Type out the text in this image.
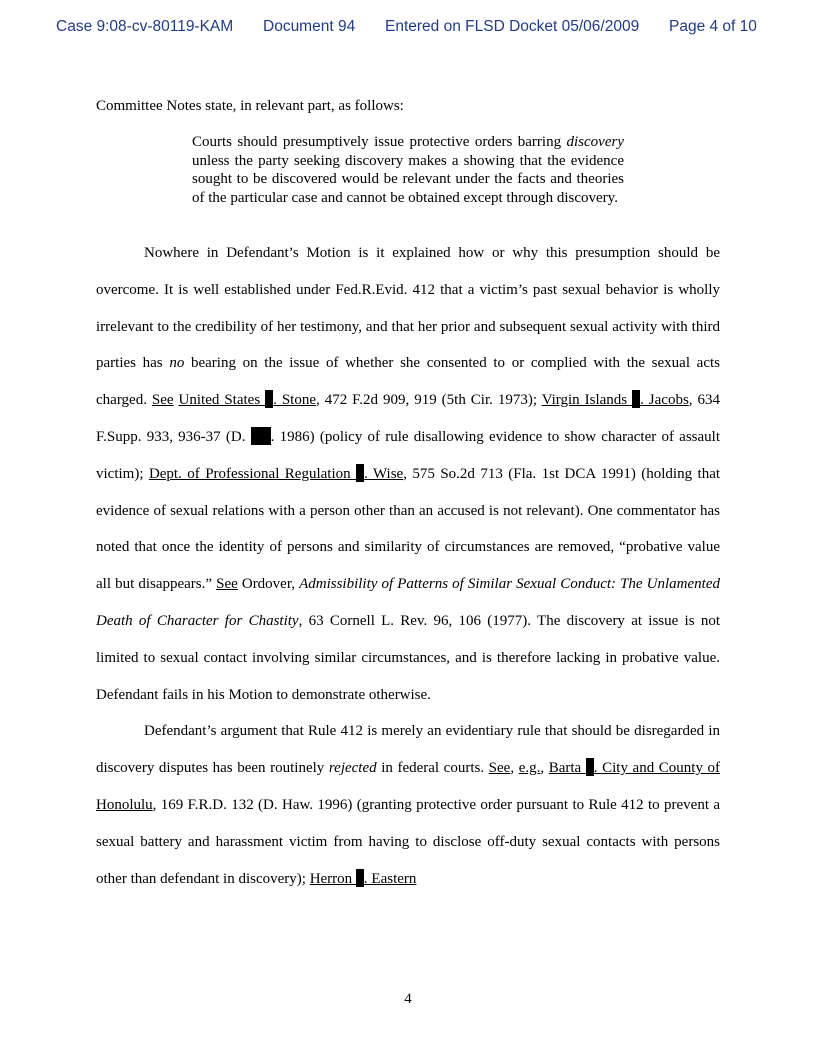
Case 9:08-cv-80119-KAM Document 94 Entered on FLSD Docket 05/06/2009 Page 4 of 10
Committee Notes state, in relevant part, as follows:

Courts should presumptively issue protective orders barring discovery unless the party seeking discovery makes a showing that the evidence sought to be discovered would be relevant under the facts and theories of the particular case and cannot be obtained except through discovery.

Nowhere in Defendant’s Motion is it explained how or why this presumption should be overcome. It is well established under Fed.R.Evid. 412 that a victim’s past sexual behavior is wholly irrelevant to the credibility of her testimony, and that her prior and subsequent sexual activity with third parties has no bearing on the issue of whether she consented to or complied with the sexual acts charged. See United States . Stone, 472 F.2d 909, 919 (5th Cir. 1973); Virgin Islands . Jacobs, 634 F.Supp. 933, 936-37 (D. . 1986) (policy of rule disallowing evidence to show character of assault victim); Dept. of Professional Regulation . Wise, 575 So.2d 713 (Fla. 1st DCA 1991) (holding that evidence of sexual relations with a person other than an accused is not relevant). One commentator has noted that once the identity of persons and similarity of circumstances are removed, “probative value all but disappears.” See Ordover, Admissibility of Patterns of Similar Sexual Conduct: The Unlamented Death of Character for Chastity, 63 Cornell L. Rev. 96, 106 (1977). The discovery at issue is not limited to sexual contact involving similar circumstances, and is therefore lacking in probative value. Defendant fails in his Motion to demonstrate otherwise.

Defendant’s argument that Rule 412 is merely an evidentiary rule that should be disregarded in discovery disputes has been routinely rejected in federal courts. See, e.g., Barta . City and County of Honolulu, 169 F.R.D. 132 (D. Haw. 1996) (granting protective order pursuant to Rule 412 to prevent a sexual battery and harassment victim from having to disclose off-duty sexual contacts with persons other than defendant in discovery); Herron . Eastern

4
